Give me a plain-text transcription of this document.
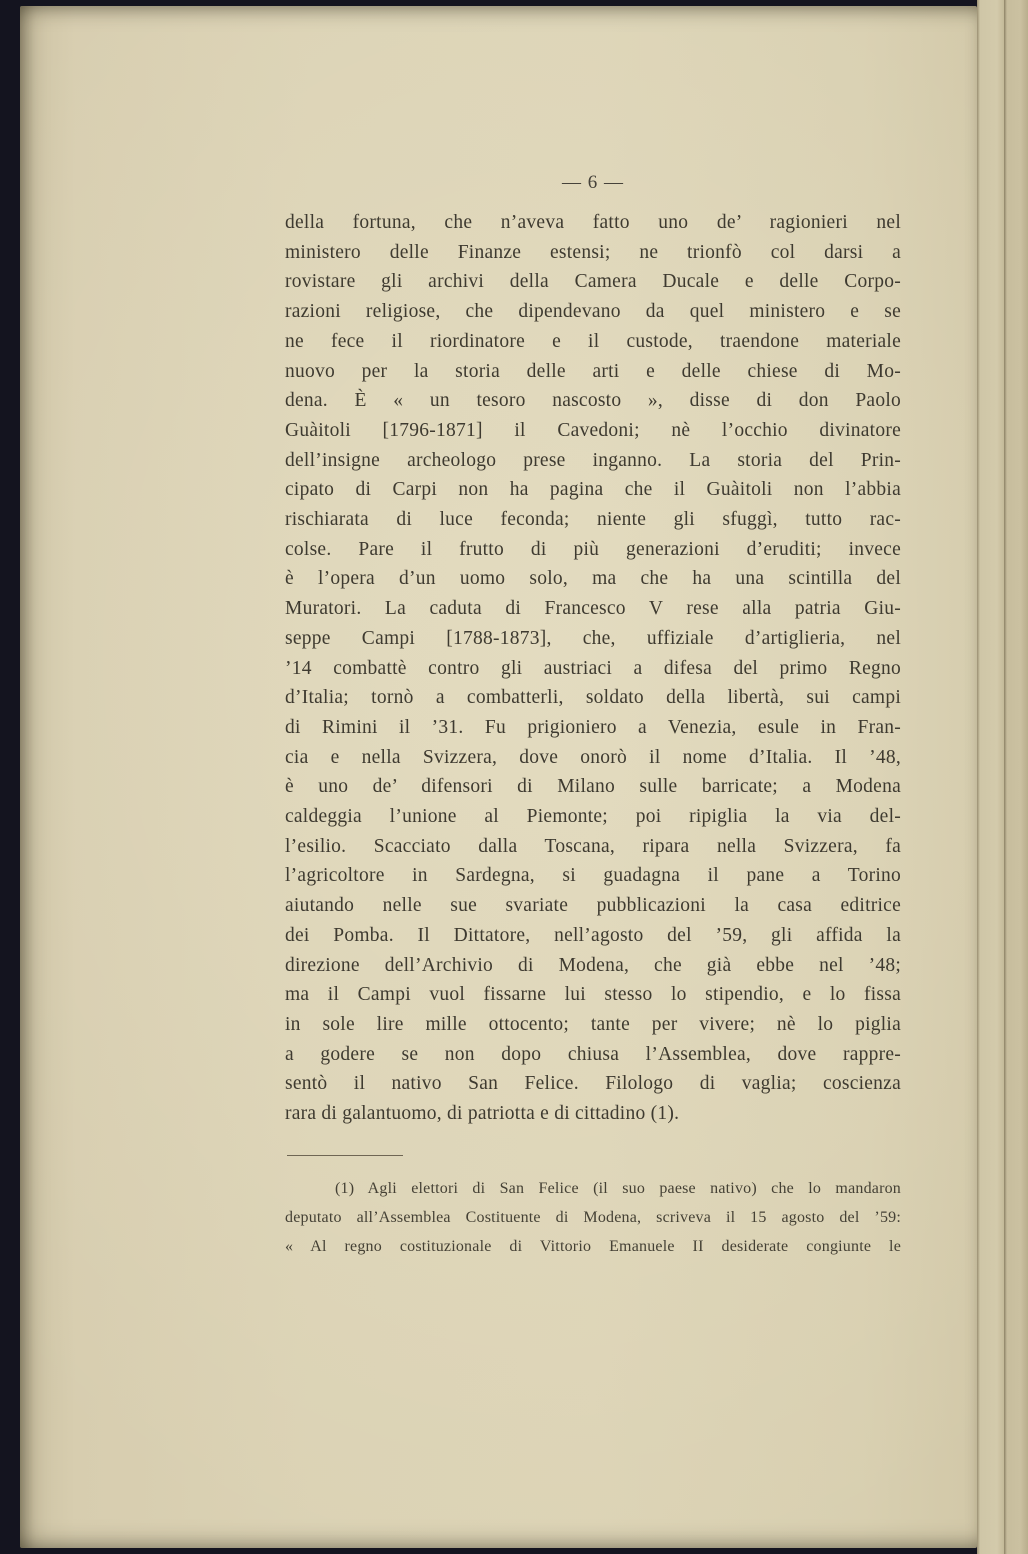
— 6 —
della fortuna, che n’aveva fatto uno de’ ragionieri nel
ministero delle Finanze estensi; ne trionfò col darsi a
rovistare gli archivi della Camera Ducale e delle Corpo-
razioni religiose, che dipendevano da quel ministero e se
ne fece il riordinatore e il custode, traendone materiale
nuovo per la storia delle arti e delle chiese di Mo-
dena. È « un tesoro nascosto », disse di don Paolo
Guàitoli [1796-1871] il Cavedoni; nè l’occhio divinatore
dell’insigne archeologo prese inganno. La storia del Prin-
cipato di Carpi non ha pagina che il Guàitoli non l’abbia
rischiarata di luce feconda; niente gli sfuggì, tutto rac-
colse. Pare il frutto di più generazioni d’eruditi; invece
è l’opera d’un uomo solo, ma che ha una scintilla del
Muratori. La caduta di Francesco V rese alla patria Giu-
seppe Campi [1788-1873], che, uffiziale d’artiglieria, nel
’14 combattè contro gli austriaci a difesa del primo Regno
d’Italia; tornò a combatterli, soldato della libertà, sui campi
di Rimini il ’31. Fu prigioniero a Venezia, esule in Fran-
cia e nella Svizzera, dove onorò il nome d’Italia. Il ’48,
è uno de’ difensori di Milano sulle barricate; a Modena
caldeggia l’unione al Piemonte; poi ripiglia la via del-
l’esilio. Scacciato dalla Toscana, ripara nella Svizzera, fa
l’agricoltore in Sardegna, si guadagna il pane a Torino
aiutando nelle sue svariate pubblicazioni la casa editrice
dei Pomba. Il Dittatore, nell’agosto del ’59, gli affida la
direzione dell’Archivio di Modena, che già ebbe nel ’48;
ma il Campi vuol fissarne lui stesso lo stipendio, e lo fissa
in sole lire mille ottocento; tante per vivere; nè lo piglia
a godere se non dopo chiusa l’Assemblea, dove rappre-
sentò il nativo San Felice. Filologo di vaglia; coscienza
rara di galantuomo, di patriotta e di cittadino (1).
(1) Agli elettori di San Felice (il suo paese nativo) che lo mandaron
deputato all’Assemblea Costituente di Modena, scriveva il 15 agosto del ’59:
« Al regno costituzionale di Vittorio Emanuele II desiderate congiunte le
